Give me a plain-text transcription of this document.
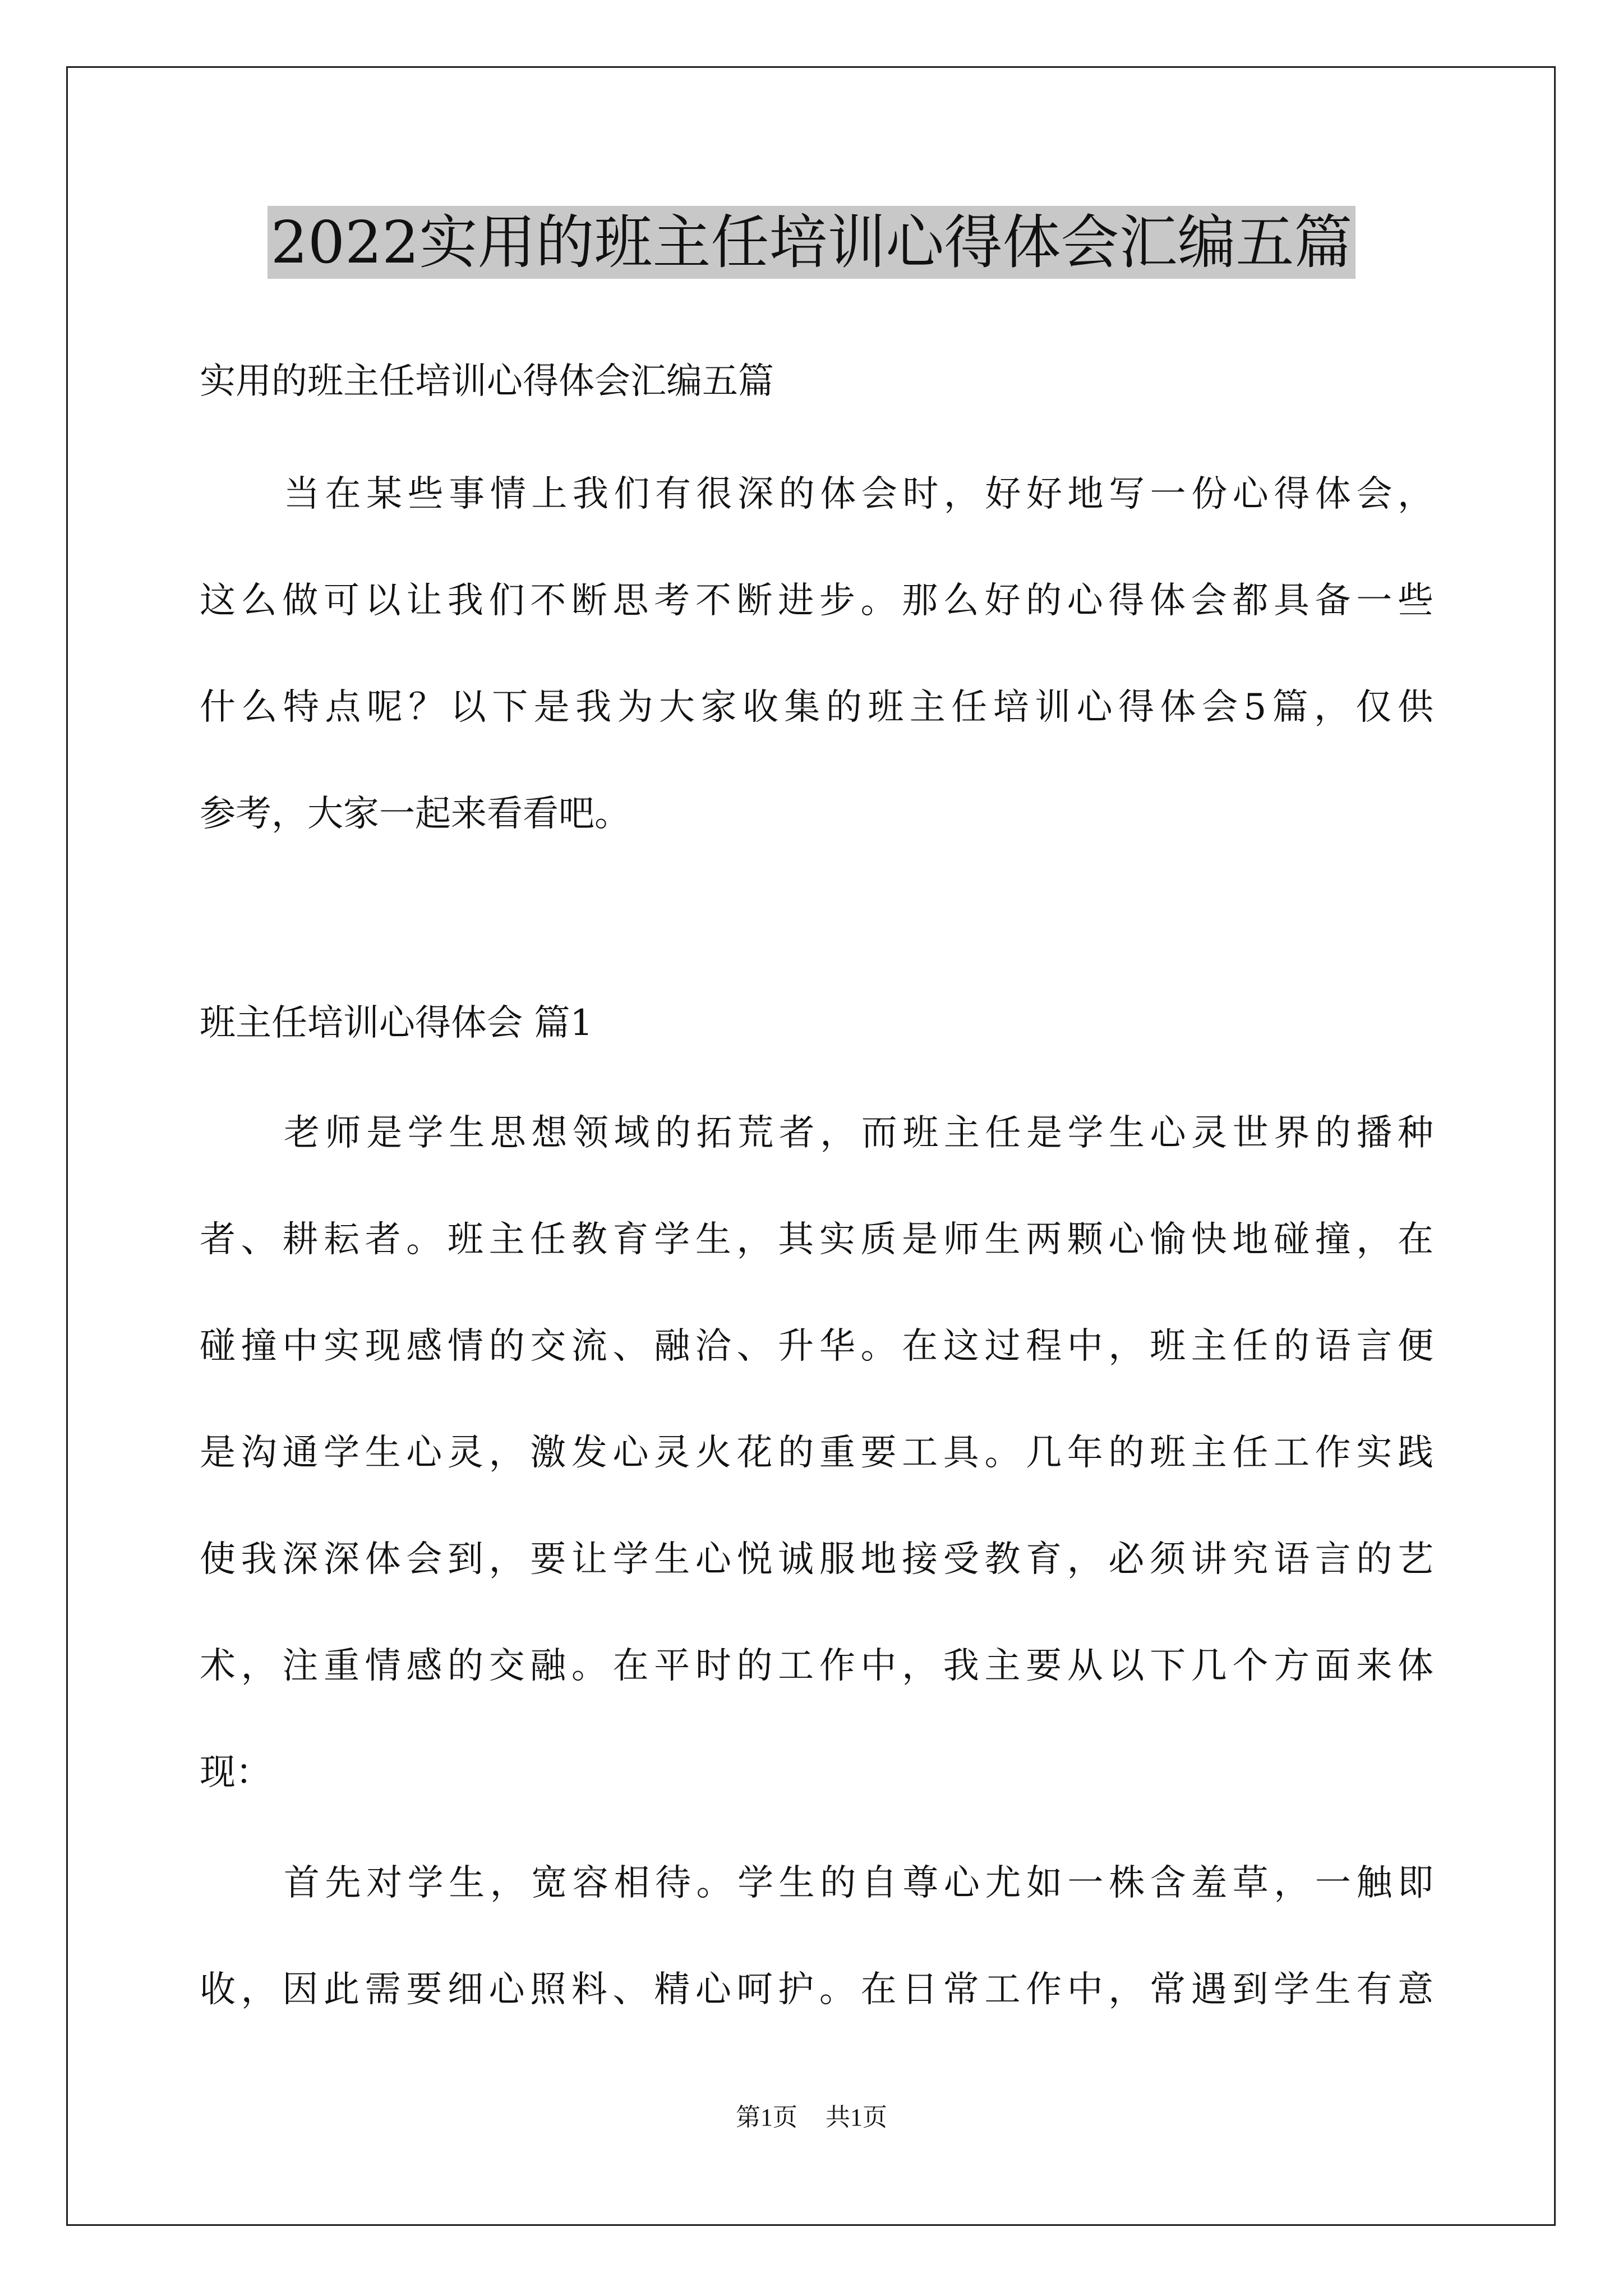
2022实用的班主任培训心得体会汇编五篇

实用的班主任培训心得体会汇编五篇

当在某些事情上我们有很深的体会时，好好地写一份心得体会，
这么做可以让我们不断思考不断进步。那么好的心得体会都具备一些
什么特点呢？以下是我为大家收集的班主任培训心得体会5篇，仅供
参考，大家一起来看看吧。

班主任培训心得体会 篇1

老师是学生思想领域的拓荒者，而班主任是学生心灵世界的播种
者、耕耘者。班主任教育学生，其实质是师生两颗心愉快地碰撞，在
碰撞中实现感情的交流、融洽、升华。在这过程中，班主任的语言便
是沟通学生心灵，激发心灵火花的重要工具。几年的班主任工作实践
使我深深体会到，要让学生心悦诚服地接受教育，必须讲究语言的艺
术，注重情感的交融。在平时的工作中，我主要从以下几个方面来体
现：
首先对学生，宽容相待。学生的自尊心尤如一株含羞草，一触即
收，因此需要细心照料、精心呵护。在日常工作中，常遇到学生有意
第1页 共1页
